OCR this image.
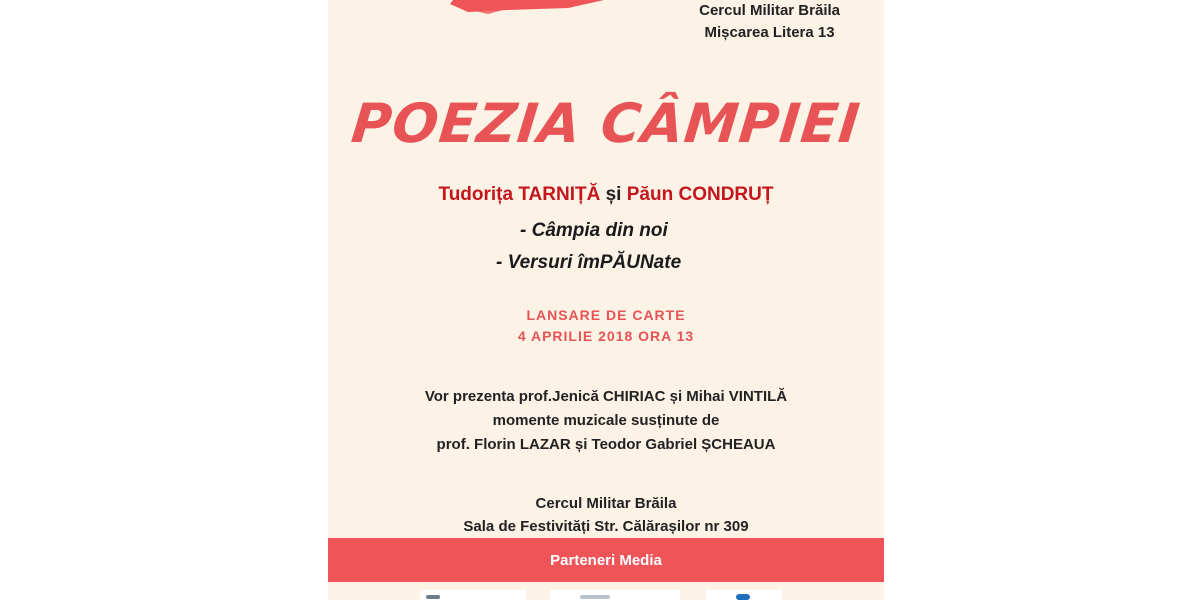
Cercul Militar Brăila
Mișcarea Litera 13
POEZIA CÂMPIEI
Tudorița TARNIȚĂ și Păun CONDRUȚ
- Câmpia din noi
- Versuri îmPĂUNate
LANSARE DE CARTE
4 APRILIE 2018 ORA 13
Vor prezenta prof.Jenică CHIRIAC și Mihai VINTILĂ
momente muzicale susținute de
prof. Florin LAZAR și Teodor Gabriel ȘCHEAUA
Cercul Militar Brăila
Sala de Festivități Str. Călărașilor nr 309
Parteneri Media
